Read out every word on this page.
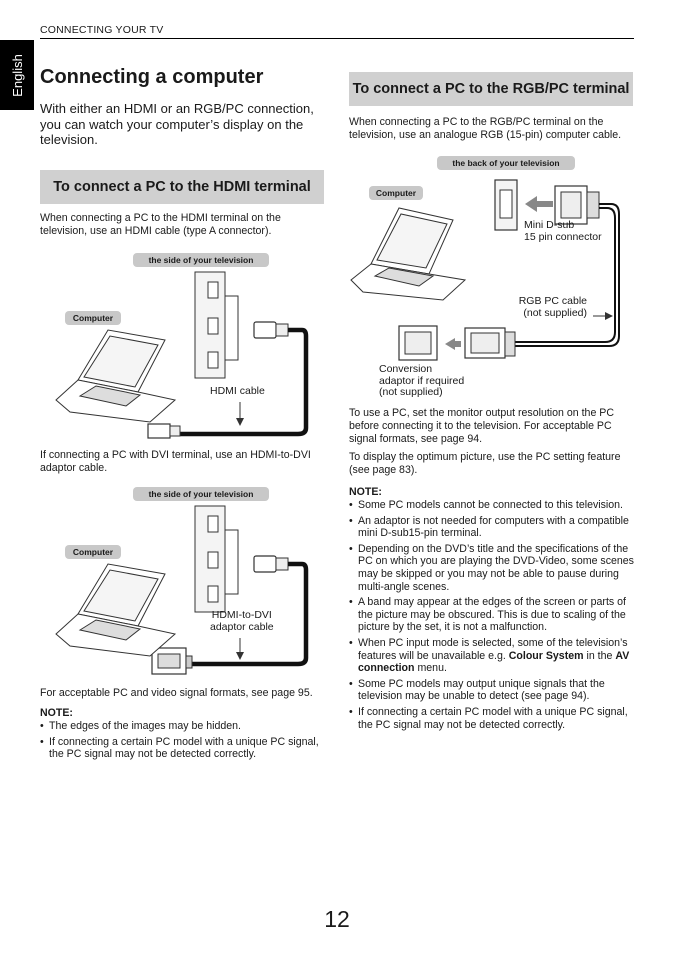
CONNECTING YOUR TV
English Connecting a computer
With either an HDMI or an RGB/PC connection, you can watch your computer’s display on the television.
To connect a PC to the HDMI terminal
When connecting a PC to the HDMI terminal on the television, use an HDMI cable (type A connector).
the side of your television
Computer
HDMI cable
If connecting a PC with DVI terminal, use an HDMI-to-DVI adaptor cable.
the side of your television
Computer
HDMI-to-DVI
adaptor cable
For acceptable PC and video signal formats, see page 95.
NOTE:
• The edges of the images may be hidden.
• If connecting a certain PC model with a unique PC signal, the PC signal may not be detected correctly.
To connect a PC to the RGB/PC terminal
When connecting a PC to the RGB/PC terminal on the television, use an analogue RGB (15-pin) computer cable.
the back of your television
Computer
Mini D-sub
15 pin connector
RGB PC cable
(not supplied)
Conversion
adaptor if required
(not supplied)
To use a PC, set the monitor output resolution on the PC before connecting it to the television. For acceptable PC signal formats, see page 94.
To display the optimum picture, use the PC setting feature (see page 83).
NOTE:
• Some PC models cannot be connected to this television.
• An adaptor is not needed for computers with a compatible mini D-sub15-pin terminal.
• Depending on the DVD’s title and the specifications of the PC on which you are playing the DVD-Video, some scenes may be skipped or you may not be able to pause during multi-angle scenes.
• A band may appear at the edges of the screen or parts of the picture may be obscured. This is due to scaling of the picture by the set, it is not a malfunction.
• When PC input mode is selected, some of the television’s features will be unavailable e.g. Colour System in the AV connection menu.
• Some PC models may output unique signals that the television may be unable to detect (see page 94).
• If connecting a certain PC model with a unique PC signal, the PC signal may not be detected correctly.
12
